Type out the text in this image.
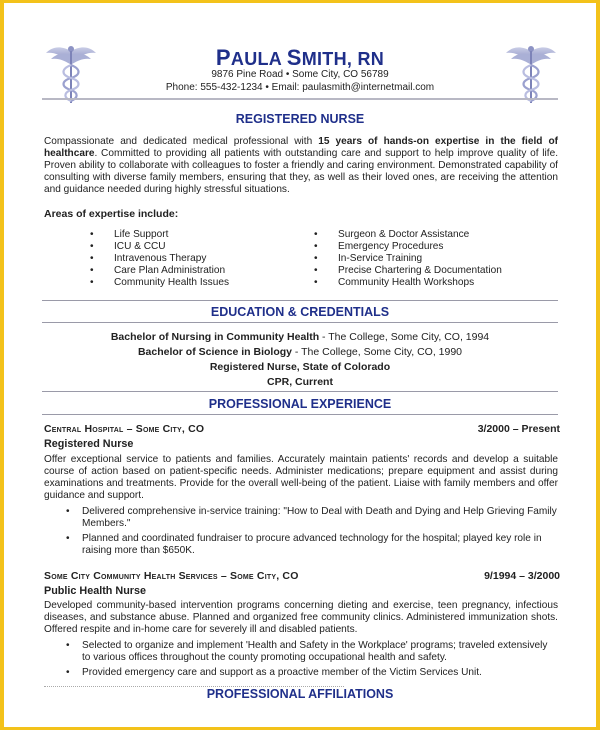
PAULA SMITH, RN
9876 Pine Road • Some City, CO 56789
Phone: 555-432-1234 • Email: paulasmith@internetmail.com
REGISTERED NURSE
Compassionate and dedicated medical professional with 15 years of hands-on expertise in the field of healthcare. Committed to providing all patients with outstanding care and support to help improve quality of life. Proven ability to collaborate with colleagues to foster a friendly and caring environment. Demonstrated capability of consulting with diverse family members, ensuring that they, as well as their loved ones, are receiving the attention and guidance needed during highly stressful situations.
Areas of expertise include:
• Life Support
• ICU & CCU
• Intravenous Therapy
• Care Plan Administration
• Community Health Issues
• Surgeon & Doctor Assistance
• Emergency Procedures
• In-Service Training
• Precise Chartering & Documentation
• Community Health Workshops
EDUCATION & CREDENTIALS
Bachelor of Nursing in Community Health - The College, Some City, CO, 1994
Bachelor of Science in Biology - The College, Some City, CO, 1990
Registered Nurse, State of Colorado
CPR, Current
PROFESSIONAL EXPERIENCE
Central Hospital – Some City, CO	3/2000 – Present
Registered Nurse
Offer exceptional service to patients and families. Accurately maintain patients' records and develop a suitable course of action based on patient-specific needs. Administer medications; prepare equipment and assist during examinations and treatments. Provide for the overall well-being of the patient. Liaise with family members and offer guidance and support.
• Delivered comprehensive in-service training: "How to Deal with Death and Dying and Help Grieving Family Members."
• Planned and coordinated fundraiser to procure advanced technology for the hospital; played key role in raising more than $650K.
Some City Community Health Services – Some City, CO	9/1994 – 3/2000
Public Health Nurse
Developed community-based intervention programs concerning dieting and exercise, teen pregnancy, infectious diseases, and substance abuse. Planned and organized free community clinics. Administered immunization shots. Offered respite and in-home care for severely ill and disabled patients.
• Selected to organize and implement 'Health and Safety in the Workplace' programs; traveled extensively to various offices throughout the county promoting occupational health and safety.
• Provided emergency care and support as a proactive member of the Victim Services Unit.
PROFESSIONAL AFFILIATIONS
